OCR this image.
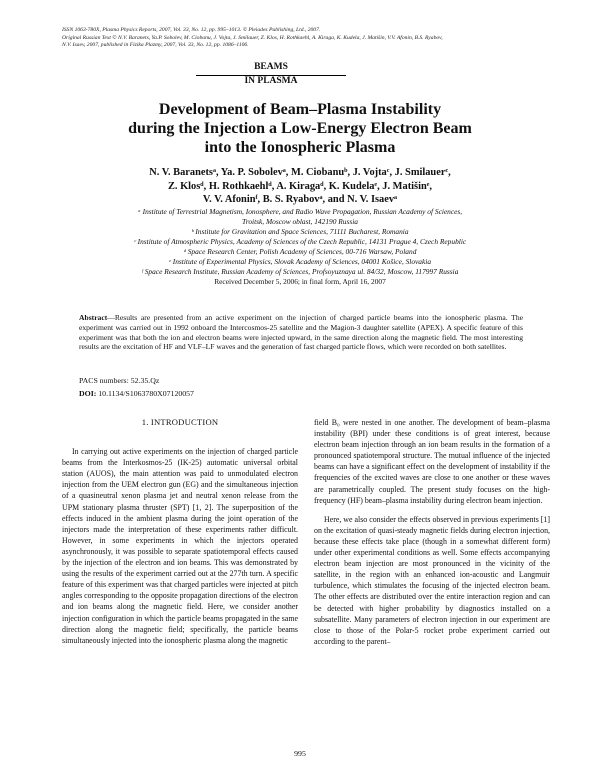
ISSN 1063-780X, Plasma Physics Reports, 2007, Vol. 33, No. 12, pp. 995–1013. © Pleiades Publishing, Ltd., 2007.
Original Russian Text © N.V. Baranets, Ya.P. Sobolev, M. Ciobanu, J. Vojta, J. Smilauer, Z. Klos, H. Rothkaehl, A. Kiraga, K. Kudela, J. Matišin, V.V. Afonin, B.S. Ryabov,
N.V. Isaev, 2007, published in Fizika Plazmy, 2007, Vol. 33, No. 12, pp. 1086–1106.
BEAMS
IN PLASMA
Development of Beam–Plasma Instability
during the Injection a Low-Energy Electron Beam
into the Ionospheric Plasma
N. V. Baranetsᵃ, Ya. P. Sobolevᵃ, M. Ciobanuᵇ, J. Vojtaᶜ, J. Smilauerᶜ,
Z. Klosᵈ, H. Rothkaehlᵈ, A. Kiragaᵈ, K. Kudelaᵉ, J. Matišinᵉ,
V. V. Afoninᶠ, B. S. Ryabovᵃ, and N. V. Isaevᵃ
ᵃ Institute of Terrestrial Magnetism, Ionosphere, and Radio Wave Propagation, Russian Academy of Sciences,
Troitsk, Moscow oblast, 142190 Russia
ᵇ Institute for Gravitation and Space Sciences, 71111 Bucharest, Romania
ᶜ Institute of Atmospheric Physics, Academy of Sciences of the Czech Republic, 14131 Prague 4, Czech Republic
ᵈ Space Research Center, Polish Academy of Sciences, 00-716 Warsaw, Poland
ᵉ Institute of Experimental Physics, Slovak Academy of Sciences, 04001 Košice, Slovakia
ᶠ Space Research Institute, Russian Academy of Sciences, Profsoyuznaya ul. 84/32, Moscow, 117997 Russia
Received December 5, 2006; in final form, April 16, 2007
Abstract—Results are presented from an active experiment on the injection of charged particle beams into the ionospheric plasma. The experiment was carried out in 1992 onboard the Intercosmos-25 satellite and the Magion-3 daughter satellite (APEX). A specific feature of this experiment was that both the ion and electron beams were injected upward, in the same direction along the magnetic field. The most interesting results are the excitation of HF and VLF–LF waves and the generation of fast charged particle flows, which were recorded on both satellites.
PACS numbers: 52.35.Qz
DOI: 10.1134/S1063780X07120057
1. INTRODUCTION

In carrying out active experiments on the injection of charged particle beams from the Interkosmos-25 (IK-25) automatic universal orbital station (AUOS), the main attention was paid to unmodulated electron injection from the UEM electron gun (EG) and the simultaneous injection of a quasineutral xenon plasma jet and neutral xenon release from the UPM stationary plasma thruster (SPT) [1, 2]. The superposition of the effects induced in the ambient plasma during the joint operation of the injectors made the interpretation of these experiments rather difficult. However, in some experiments in which the injectors operated asynchronously, it was possible to separate spatiotemporal effects caused by the injection of the electron and ion beams. This was demonstrated by using the results of the experiment carried out at the 277th turn. A specific feature of this experiment was that charged particles were injected at pitch angles corresponding to the opposite propagation directions of the electron and ion beams along the magnetic field. Here, we consider another injection configuration in which the particle beams propagated in the same direction along the magnetic field; specifically, the particle beams simultaneously injected into the ionospheric plasma along the magnetic

field B₀ were nested in one another. The development of beam–plasma instability (BPI) under these conditions is of great interest, because electron beam injection through an ion beam results in the formation of a pronounced spatiotemporal structure. The mutual influence of the injected beams can have a significant effect on the development of instability if the frequencies of the excited waves are close to one another or these waves are parametrically coupled. The present study focuses on the high-frequency (HF) beam–plasma instability during electron beam injection.

Here, we also consider the effects observed in previous experiments [1] on the excitation of quasi-steady magnetic fields during electron injection, because these effects take place (though in a somewhat different form) under other experimental conditions as well. Some effects accompanying electron beam injection are most pronounced in the vicinity of the satellite, in the region with an enhanced ion-acoustic and Langmuir turbulence, which stimulates the focusing of the injected electron beam. The other effects are distributed over the entire interaction region and can be detected with higher probability by diagnostics installed on a subsatellite. Many parameters of electron injection in our experiment are close to those of the Polar-5 rocket probe experiment carried out according to the parent–

995
